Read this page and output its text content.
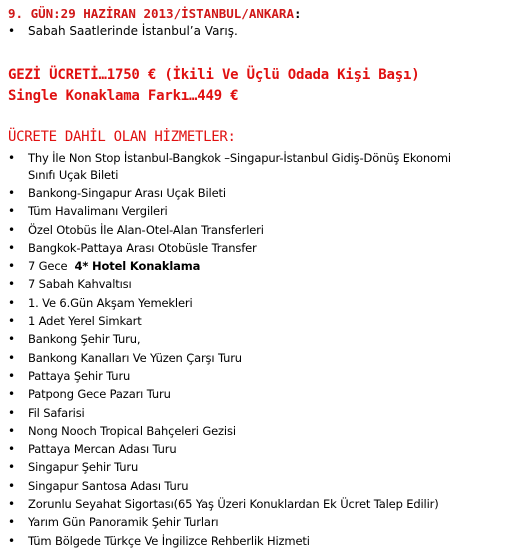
9. GÜN:29 HAZİRAN 2013/İSTANBUL/ANKARA:
• Sabah Saatlerinde İstanbul’a Varış.
GEZİ ÜCRETİ…1750 € (İkili Ve Üçlü Odada Kişi Başı)
Single Konaklama Farkı…449 €
ÜCRETE DAHİL OLAN HİZMETLER:
• Thy İle Non Stop İstanbul-Bangkok –Singapur-İstanbul Gidiş-Dönüş Ekonomi
Sınıfı Uçak Bileti
• Bankong-Singapur Arası Uçak Bileti
• Tüm Havalimanı Vergileri
• Özel Otobüs İle Alan-Otel-Alan Transferleri
• Bangkok-Pattaya Arası Otobüsle Transfer
• 7 Gece  4* Hotel Konaklama
• 7 Sabah Kahvaltısı
• 1. Ve 6.Gün Akşam Yemekleri
• 1 Adet Yerel Simkart
• Bankong Şehir Turu,
• Bankong Kanalları Ve Yüzen Çarşı Turu
• Pattaya Şehir Turu
• Patpong Gece Pazarı Turu
• Fil Safarisi
• Nong Nooch Tropical Bahçeleri Gezisi
• Pattaya Mercan Adası Turu
• Singapur Şehir Turu
• Singapur Santosa Adası Turu
• Zorunlu Seyahat Sigortası(65 Yaş Üzeri Konuklardan Ek Ücret Talep Edilir)
• Yarım Gün Panoramik Şehir Turları
• Tüm Bölgede Türkçe Ve İngilizce Rehberlik Hizmeti
